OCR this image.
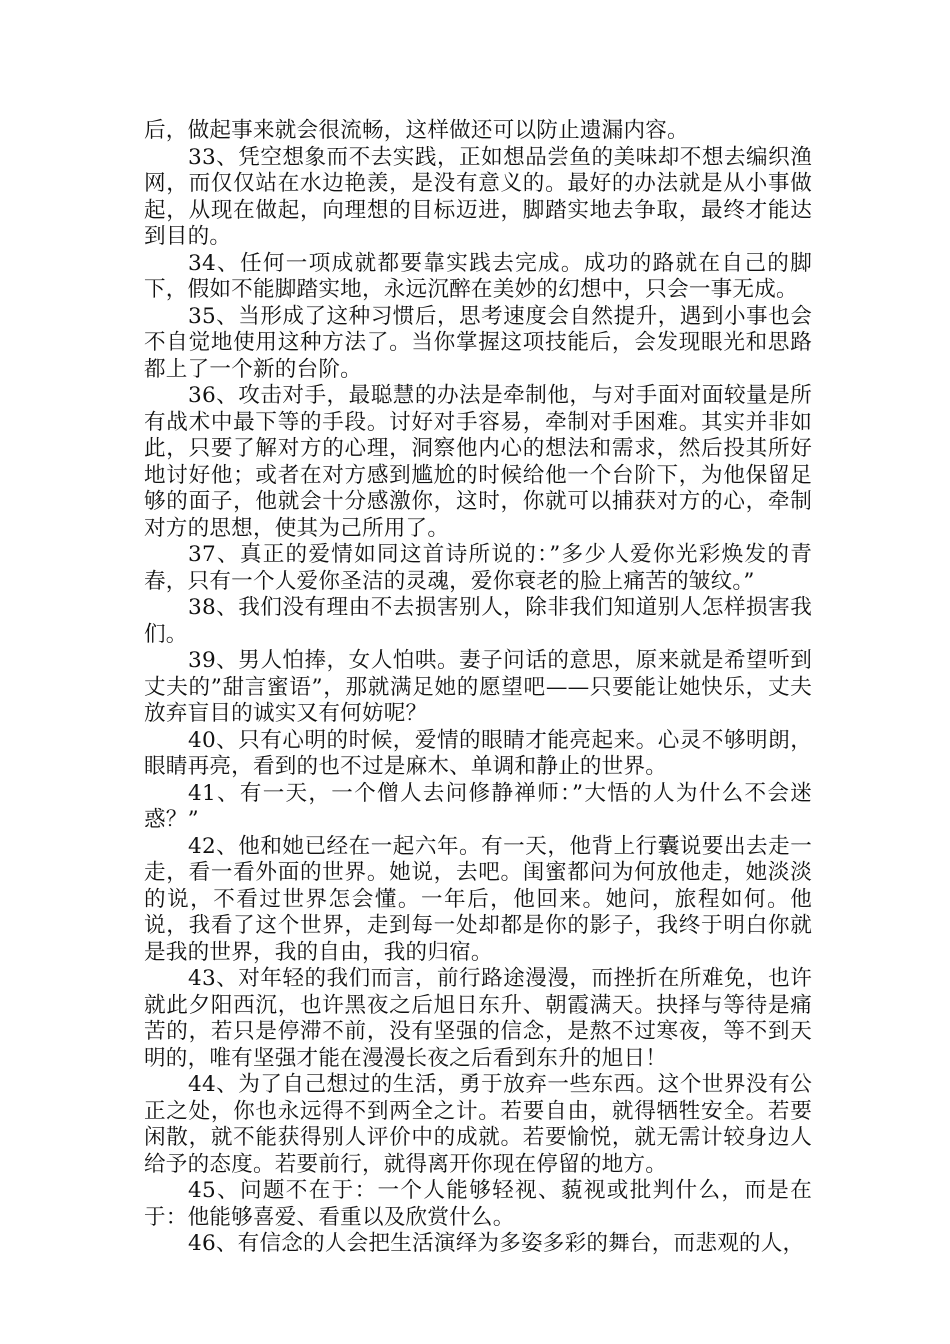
后，做起事来就会很流畅，这样做还可以防止遗漏内容。

33、凭空想象而不去实践，正如想品尝鱼的美味却不想去编织渔网，而仅仅站在水边艳羡，是没有意义的。最好的办法就是从小事做起，从现在做起，向理想的目标迈进，脚踏实地去争取，最终才能达到目的。

34、任何一项成就都要靠实践去完成。成功的路就在自己的脚下，假如不能脚踏实地，永远沉醉在美妙的幻想中，只会一事无成。

35、当形成了这种习惯后，思考速度会自然提升，遇到小事也会不自觉地使用这种方法了。当你掌握这项技能后，会发现眼光和思路都上了一个新的台阶。

36、攻击对手，最聪慧的办法是牵制他，与对手面对面较量是所有战术中最下等的手段。讨好对手容易，牵制对手困难。其实并非如此，只要了解对方的心理，洞察他内心的想法和需求，然后投其所好地讨好他；或者在对方感到尴尬的时候给他一个台阶下，为他保留足够的面子，他就会十分感激你，这时，你就可以捕获对方的心，牵制对方的思想，使其为己所用了。

37、真正的爱情如同这首诗所说的：”多少人爱你光彩焕发的青春，只有一个人爱你圣洁的灵魂，爱你衰老的脸上痛苦的皱纹。”

38、我们没有理由不去损害别人，除非我们知道别人怎样损害我们。

39、男人怕捧，女人怕哄。妻子问话的意思，原来就是希望听到丈夫的”甜言蜜语”，那就满足她的愿望吧——只要能让她快乐，丈夫放弃盲目的诚实又有何妨呢？

40、只有心明的时候，爱情的眼睛才能亮起来。心灵不够明朗，眼睛再亮，看到的也不过是麻木、单调和静止的世界。

41、有一天，一个僧人去问修静禅师：”大悟的人为什么不会迷惑？”

42、他和她已经在一起六年。有一天，他背上行囊说要出去走一走，看一看外面的世界。她说，去吧。闺蜜都问为何放他走，她淡淡的说，不看过世界怎会懂。一年后，他回来。她问，旅程如何。他说，我看了这个世界，走到每一处却都是你的影子，我终于明白你就是我的世界，我的自由，我的归宿。

43、对年轻的我们而言，前行路途漫漫，而挫折在所难免，也许就此夕阳西沉，也许黑夜之后旭日东升、朝霞满天。抉择与等待是痛苦的，若只是停滞不前，没有坚强的信念，是熬不过寒夜，等不到天明的，唯有坚强才能在漫漫长夜之后看到东升的旭日！

44、为了自己想过的生活，勇于放弃一些东西。这个世界没有公正之处，你也永远得不到两全之计。若要自由，就得牺牲安全。若要闲散，就不能获得别人评价中的成就。若要愉悦，就无需计较身边人给予的态度。若要前行，就得离开你现在停留的地方。

45、问题不在于：一个人能够轻视、藐视或批判什么，而是在于：他能够喜爱、看重以及欣赏什么。

46、有信念的人会把生活演绎为多姿多彩的舞台，而悲观的人，
